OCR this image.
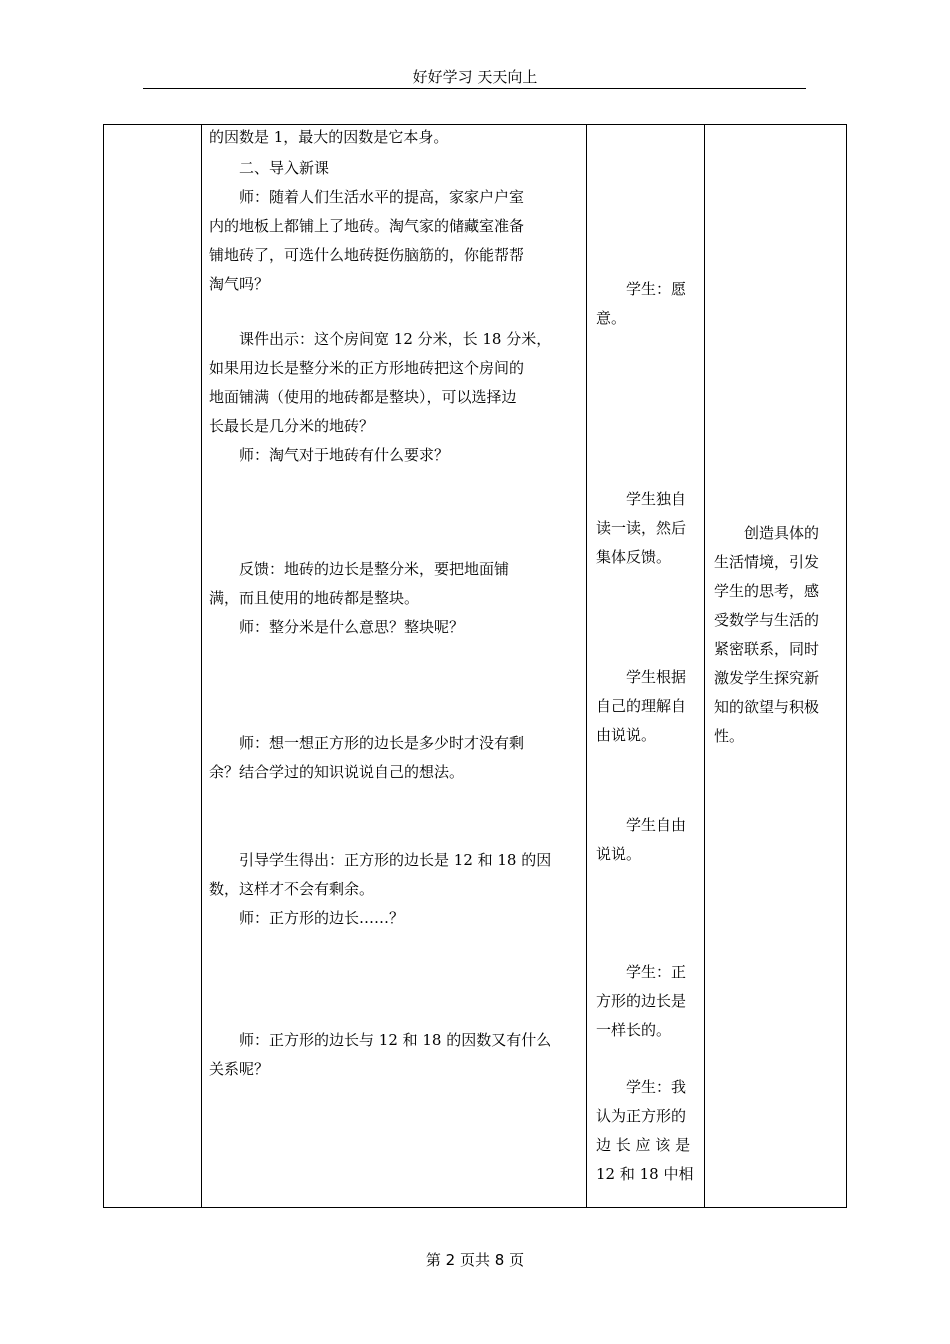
好好学习 天天向上
的因数是 1，最大的因数是它本身。
　　二、导入新课
　　师：随着人们生活水平的提高，家家户户室
内的地板上都铺上了地砖。淘气家的储藏室准备
铺地砖了，可选什么地砖挺伤脑筋的，你能帮帮
淘气吗？
　　课件出示：这个房间宽 12 分米，长 18 分米，
如果用边长是整分米的正方形地砖把这个房间的
地面铺满（使用的地砖都是整块），可以选择边
长最长是几分米的地砖？
　　师：淘气对于地砖有什么要求？
　　反馈：地砖的边长是整分米，要把地面铺
满，而且使用的地砖都是整块。
　　师：整分米是什么意思？整块呢？
　　师：想一想正方形的边长是多少时才没有剩
余？结合学过的知识说说自己的想法。
　　引导学生得出：正方形的边长是 12 和 18 的因
数，这样才不会有剩余。
　　师：正方形的边长……？
　　师：正方形的边长与 12 和 18 的因数又有什么
关系呢？
　　学生：愿
意。
　　学生独自
读一读，然后
集体反馈。
　　学生根据
自己的理解自
由说说。
　　学生自由
说说。
　　学生：正
方形的边长是
一样长的。
　　学生：我
认为正方形的
边 长 应 该 是
12 和 18 中相
　　创造具体的
生活情境，引发
学生的思考，感
受数学与生活的
紧密联系，同时
激发学生探究新
知的欲望与积极
性。
第 2 页共 8 页
